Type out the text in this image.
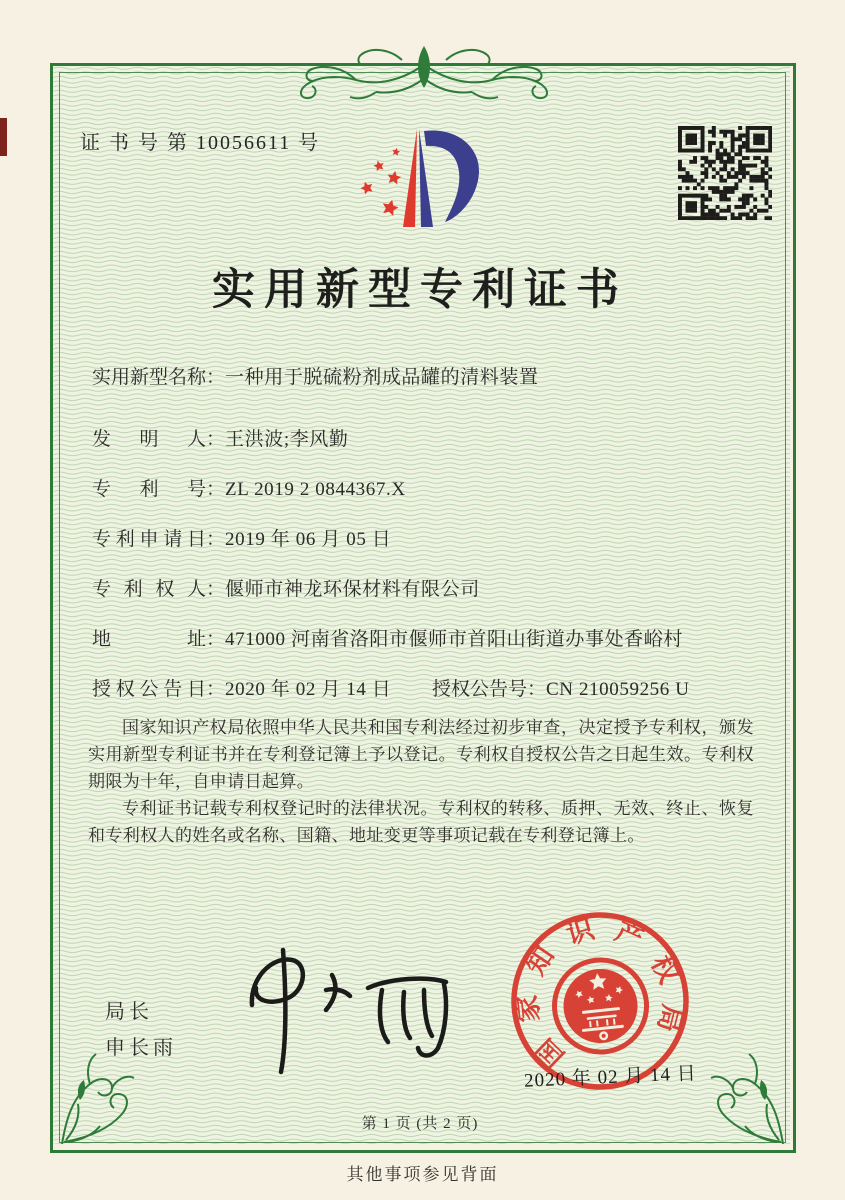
证 书 号 第 10056611 号
实用新型专利证书
实用新型名称：一种用于脱硫粉剂成品罐的清料装置
发明人：王洪波;李风勤
专利号：ZL 2019 2 0844367.X
专利申请日：2019 年 06 月 05 日
专利权人：偃师市神龙环保材料有限公司
地址：471000 河南省洛阳市偃师市首阳山街道办事处香峪村
授权公告日：2020 年 02 月 14 日 授权公告号：CN 210059256 U

国家知识产权局依照中华人民共和国专利法经过初步审查，决定授予专利权，颁发实用新型专利证书并在专利登记簿上予以登记。专利权自授权公告之日起生效。专利权期限为十年，自申请日起算。

专利证书记载专利权登记时的法律状况。专利权的转移、质押、无效、终止、恢复和专利权人的姓名或名称、国籍、地址变更等事项记载在专利登记簿上。

局长
申长雨	国
家
知
识 产
权
局
2020 年 02 月 14 日
第 1 页 (共 2 页)
其他事项参见背面
